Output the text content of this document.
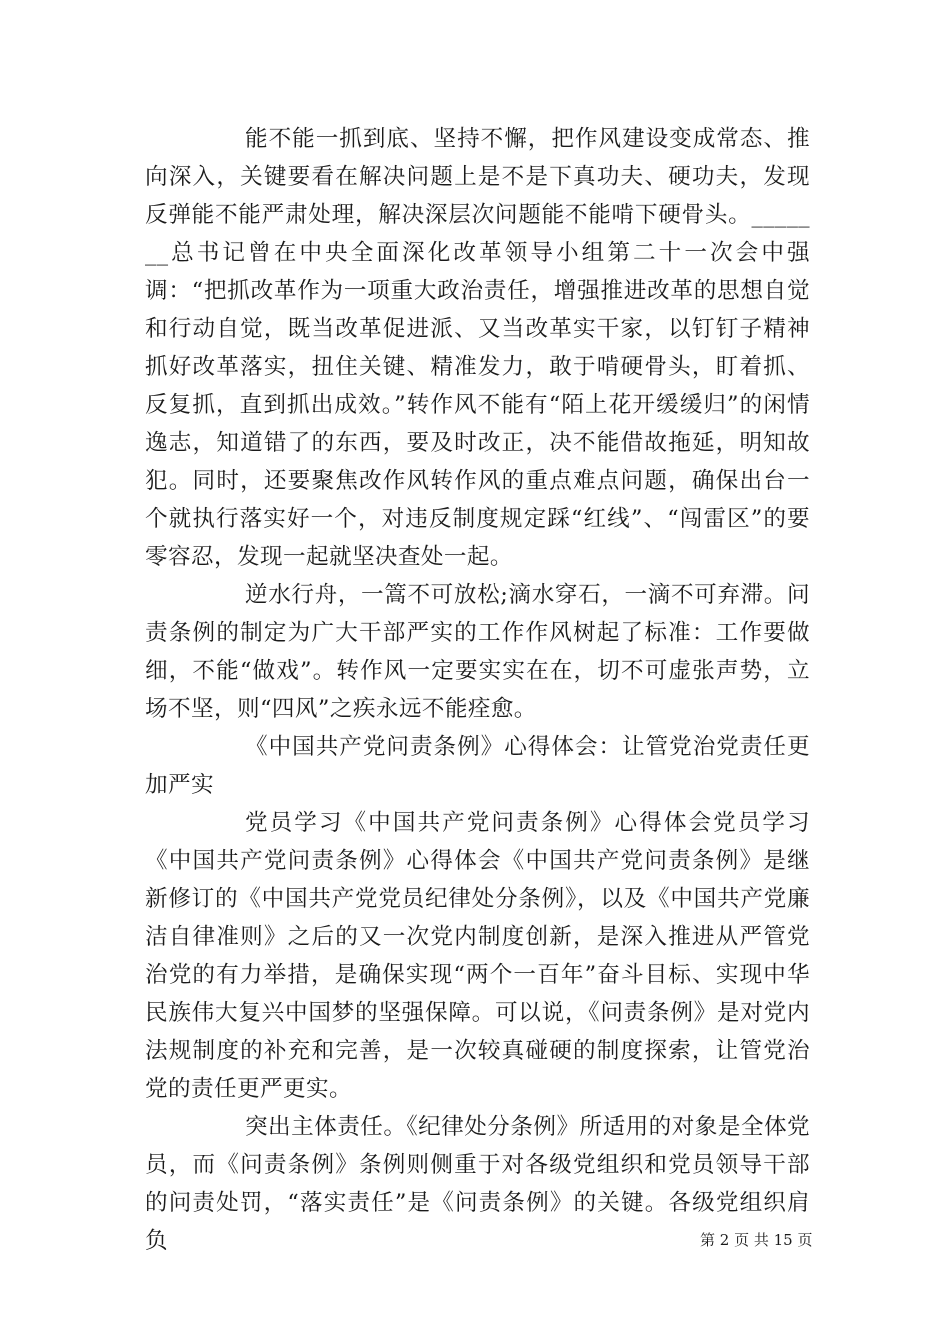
能不能一抓到底、坚持不懈，把作风建设变成常态、推向深入，关键要看在解决问题上是不是下真功夫、硬功夫，发现反弹能不能严肃处理，解决深层次问题能不能啃下硬骨头。_______总书记曾在中央全面深化改革领导小组第二十一次会中强调：“把抓改革作为一项重大政治责任，增强推进改革的思想自觉和行动自觉，既当改革促进派、又当改革实干家，以钉钉子精神抓好改革落实，扭住关键、精准发力，敢于啃硬骨头，盯着抓、反复抓，直到抓出成效。”转作风不能有“陌上花开缓缓归”的闲情逸志，知道错了的东西，要及时改正，决不能借故拖延，明知故犯。同时，还要聚焦改作风转作风的重点难点问题，确保出台一个就执行落实好一个，对违反制度规定踩“红线”、“闯雷区”的要零容忍，发现一起就坚决查处一起。

逆水行舟，一篙不可放松;滴水穿石，一滴不可弃滞。问责条例的制定为广大干部严实的工作作风树起了标准：工作要做细，不能“做戏”。转作风一定要实实在在，切不可虚张声势，立场不坚，则“四风”之疾永远不能痊愈。

《中国共产党问责条例》心得体会：让管党治党责任更加严实

党员学习《中国共产党问责条例》心得体会党员学习《中国共产党问责条例》心得体会《中国共产党问责条例》是继新修订的《中国共产党党员纪律处分条例》，以及《中国共产党廉洁自律准则》之后的又一次党内制度创新，是深入推进从严管党治党的有力举措，是确保实现“两个一百年”奋斗目标、实现中华民族伟大复兴中国梦的坚强保障。可以说，《问责条例》是对党内法规制度的补充和完善，是一次较真碰硬的制度探索，让管党治党的责任更严更实。

突出主体责任。《纪律处分条例》所适用的对象是全体党员，而《问责条例》条例则侧重于对各级党组织和党员领导干部的问责处罚，“落实责任”是《问责条例》的关键。各级党组织肩负	第 2 页 共 15 页
